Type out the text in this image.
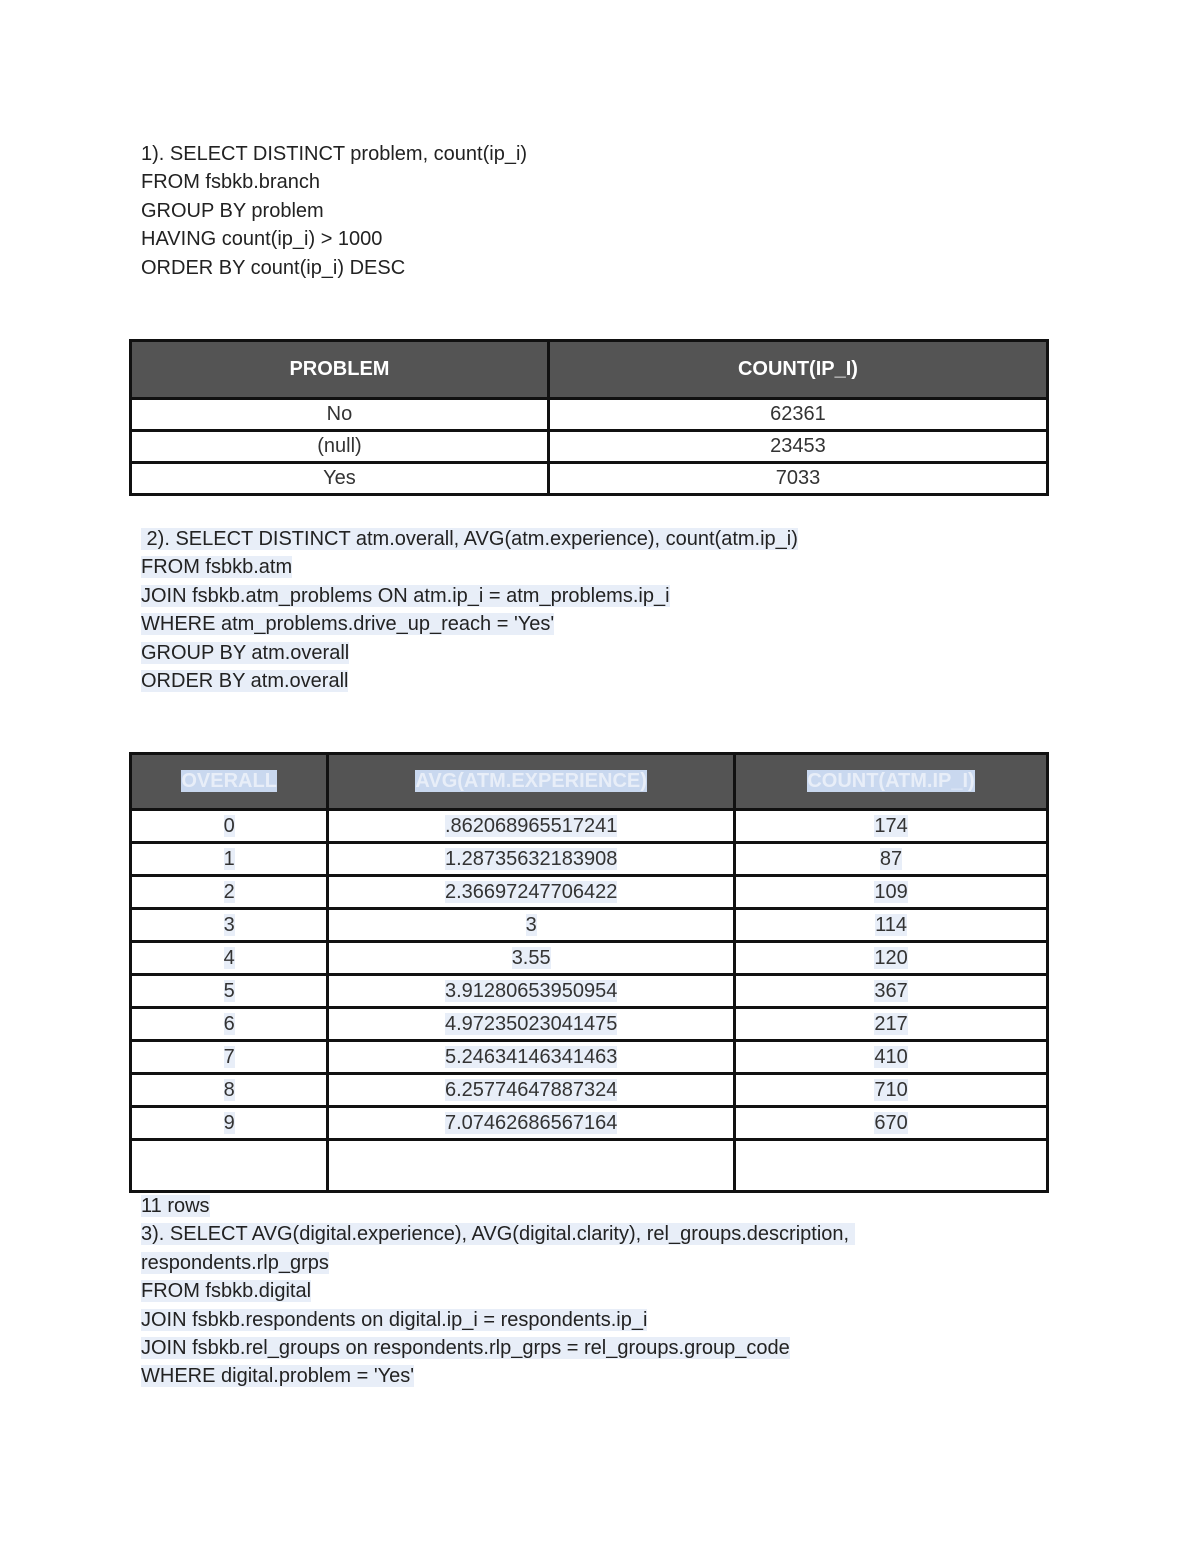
1). SELECT DISTINCT problem, count(ip_i)
FROM fsbkb.branch
GROUP BY problem
HAVING count(ip_i) > 1000
ORDER BY count(ip_i) DESC
PROBLEM	COUNT(IP_I)
No	62361
(null)	23453
Yes	7033
2). SELECT DISTINCT atm.overall, AVG(atm.experience), count(atm.ip_i)
FROM fsbkb.atm
JOIN fsbkb.atm_problems ON atm.ip_i = atm_problems.ip_i
WHERE atm_problems.drive_up_reach = 'Yes'
GROUP BY atm.overall
ORDER BY atm.overall
OVERALL	AVG(ATM.EXPERIENCE)	COUNT(ATM.IP_I)
0	.862068965517241	174
1	1.28735632183908	87
2	2.36697247706422	109
3	3	114
4	3.55	120
5	3.91280653950954	367
6	4.97235023041475	217
7	5.24634146341463	410
8	6.25774647887324	710
9	7.07462686567164	670

11 rows
3). SELECT AVG(digital.experience), AVG(digital.clarity), rel_groups.description,
respondents.rlp_grps
FROM fsbkb.digital
JOIN fsbkb.respondents on digital.ip_i = respondents.ip_i
JOIN fsbkb.rel_groups on respondents.rlp_grps = rel_groups.group_code
WHERE digital.problem = 'Yes'
